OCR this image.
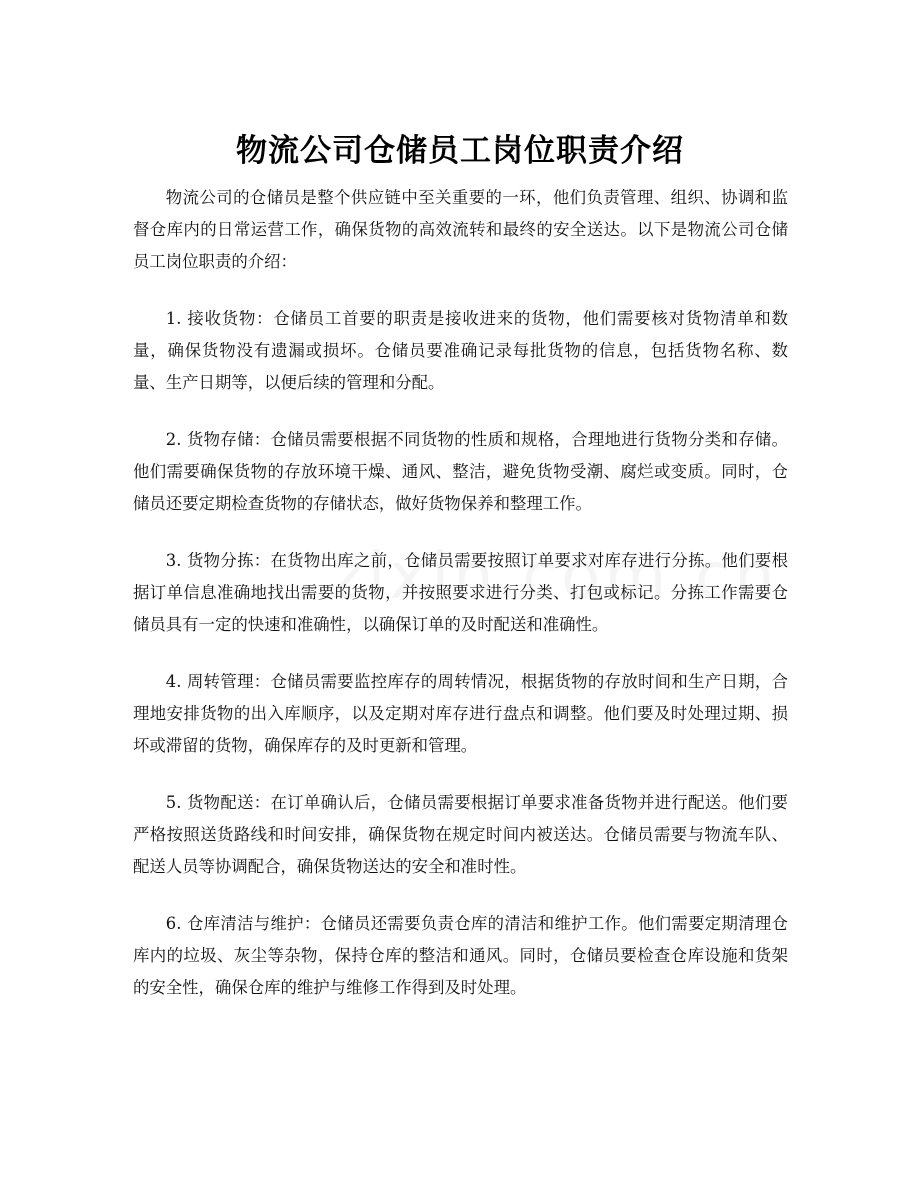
物流公司仓储员工岗位职责介绍

物流公司的仓储员是整个供应链中至关重要的一环，他们负责管理、组织、协调和监督仓库内的日常运营工作，确保货物的高效流转和最终的安全送达。以下是物流公司仓储员工岗位职责的介绍：

1. 接收货物：仓储员工首要的职责是接收进来的货物，他们需要核对货物清单和数量，确保货物没有遗漏或损坏。仓储员要准确记录每批货物的信息，包括货物名称、数量、生产日期等，以便后续的管理和分配。

2. 货物存储：仓储员需要根据不同货物的性质和规格，合理地进行货物分类和存储。他们需要确保货物的存放环境干燥、通风、整洁，避免货物受潮、腐烂或变质。同时，仓储员还要定期检查货物的存储状态，做好货物保养和整理工作。

3. 货物分拣：在货物出库之前，仓储员需要按照订单要求对库存进行分拣。他们要根据订单信息准确地找出需要的货物，并按照要求进行分类、打包或标记。分拣工作需要仓储员具有一定的快速和准确性，以确保订单的及时配送和准确性。

4. 周转管理：仓储员需要监控库存的周转情况，根据货物的存放时间和生产日期，合理地安排货物的出入库顺序，以及定期对库存进行盘点和调整。他们要及时处理过期、损坏或滞留的货物，确保库存的及时更新和管理。

5. 货物配送：在订单确认后，仓储员需要根据订单要求准备货物并进行配送。他们要严格按照送货路线和时间安排，确保货物在规定时间内被送达。仓储员需要与物流车队、配送人员等协调配合，确保货物送达的安全和准时性。

6. 仓库清洁与维护：仓储员还需要负责仓库的清洁和维护工作。他们需要定期清理仓库内的垃圾、灰尘等杂物，保持仓库的整洁和通风。同时，仓储员要检查仓库设施和货架的安全性，确保仓库的维护与维修工作得到及时处理。
